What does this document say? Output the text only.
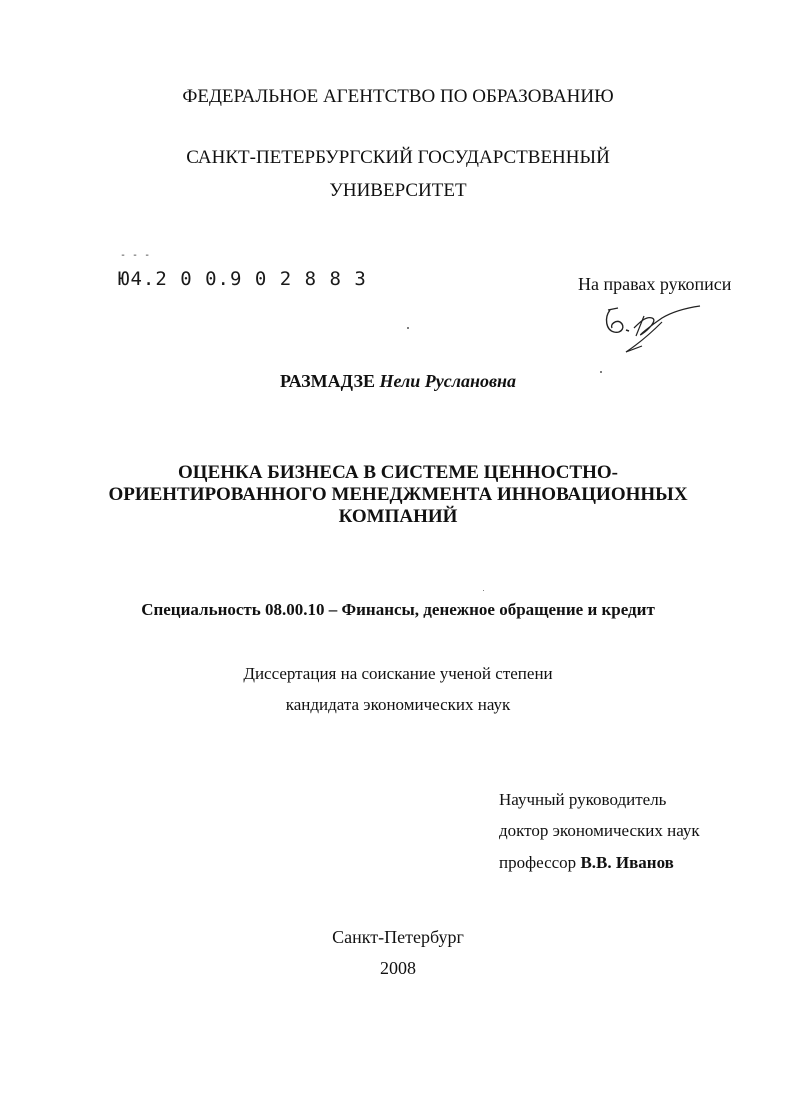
ФЕДЕРАЛЬНОЕ АГЕНТСТВО ПО ОБРАЗОВАНИЮ

САНКТ-ПЕТЕРБУРГСКИЙ ГОСУДАРСТВЕННЫЙ

УНИВЕРСИТЕТ

- - -

Ю4.2 0 0.9 0 2 8 8 3	На правах рукописи

РАЗМАДЗЕ Нели Руслановна

ОЦЕНКА БИЗНЕСА В СИСТЕМЕ ЦЕННОСТНО-
ОРИЕНТИРОВАННОГО МЕНЕДЖМЕНТА ИННОВАЦИОННЫХ
КОМПАНИЙ

Специальность 08.00.10 – Финансы, денежное обращение и кредит

Диссертация на соискание ученой степени

кандидата экономических наук

Научный руководитель

доктор экономических наук

профессор В.В. Иванов

Санкт-Петербург

2008
